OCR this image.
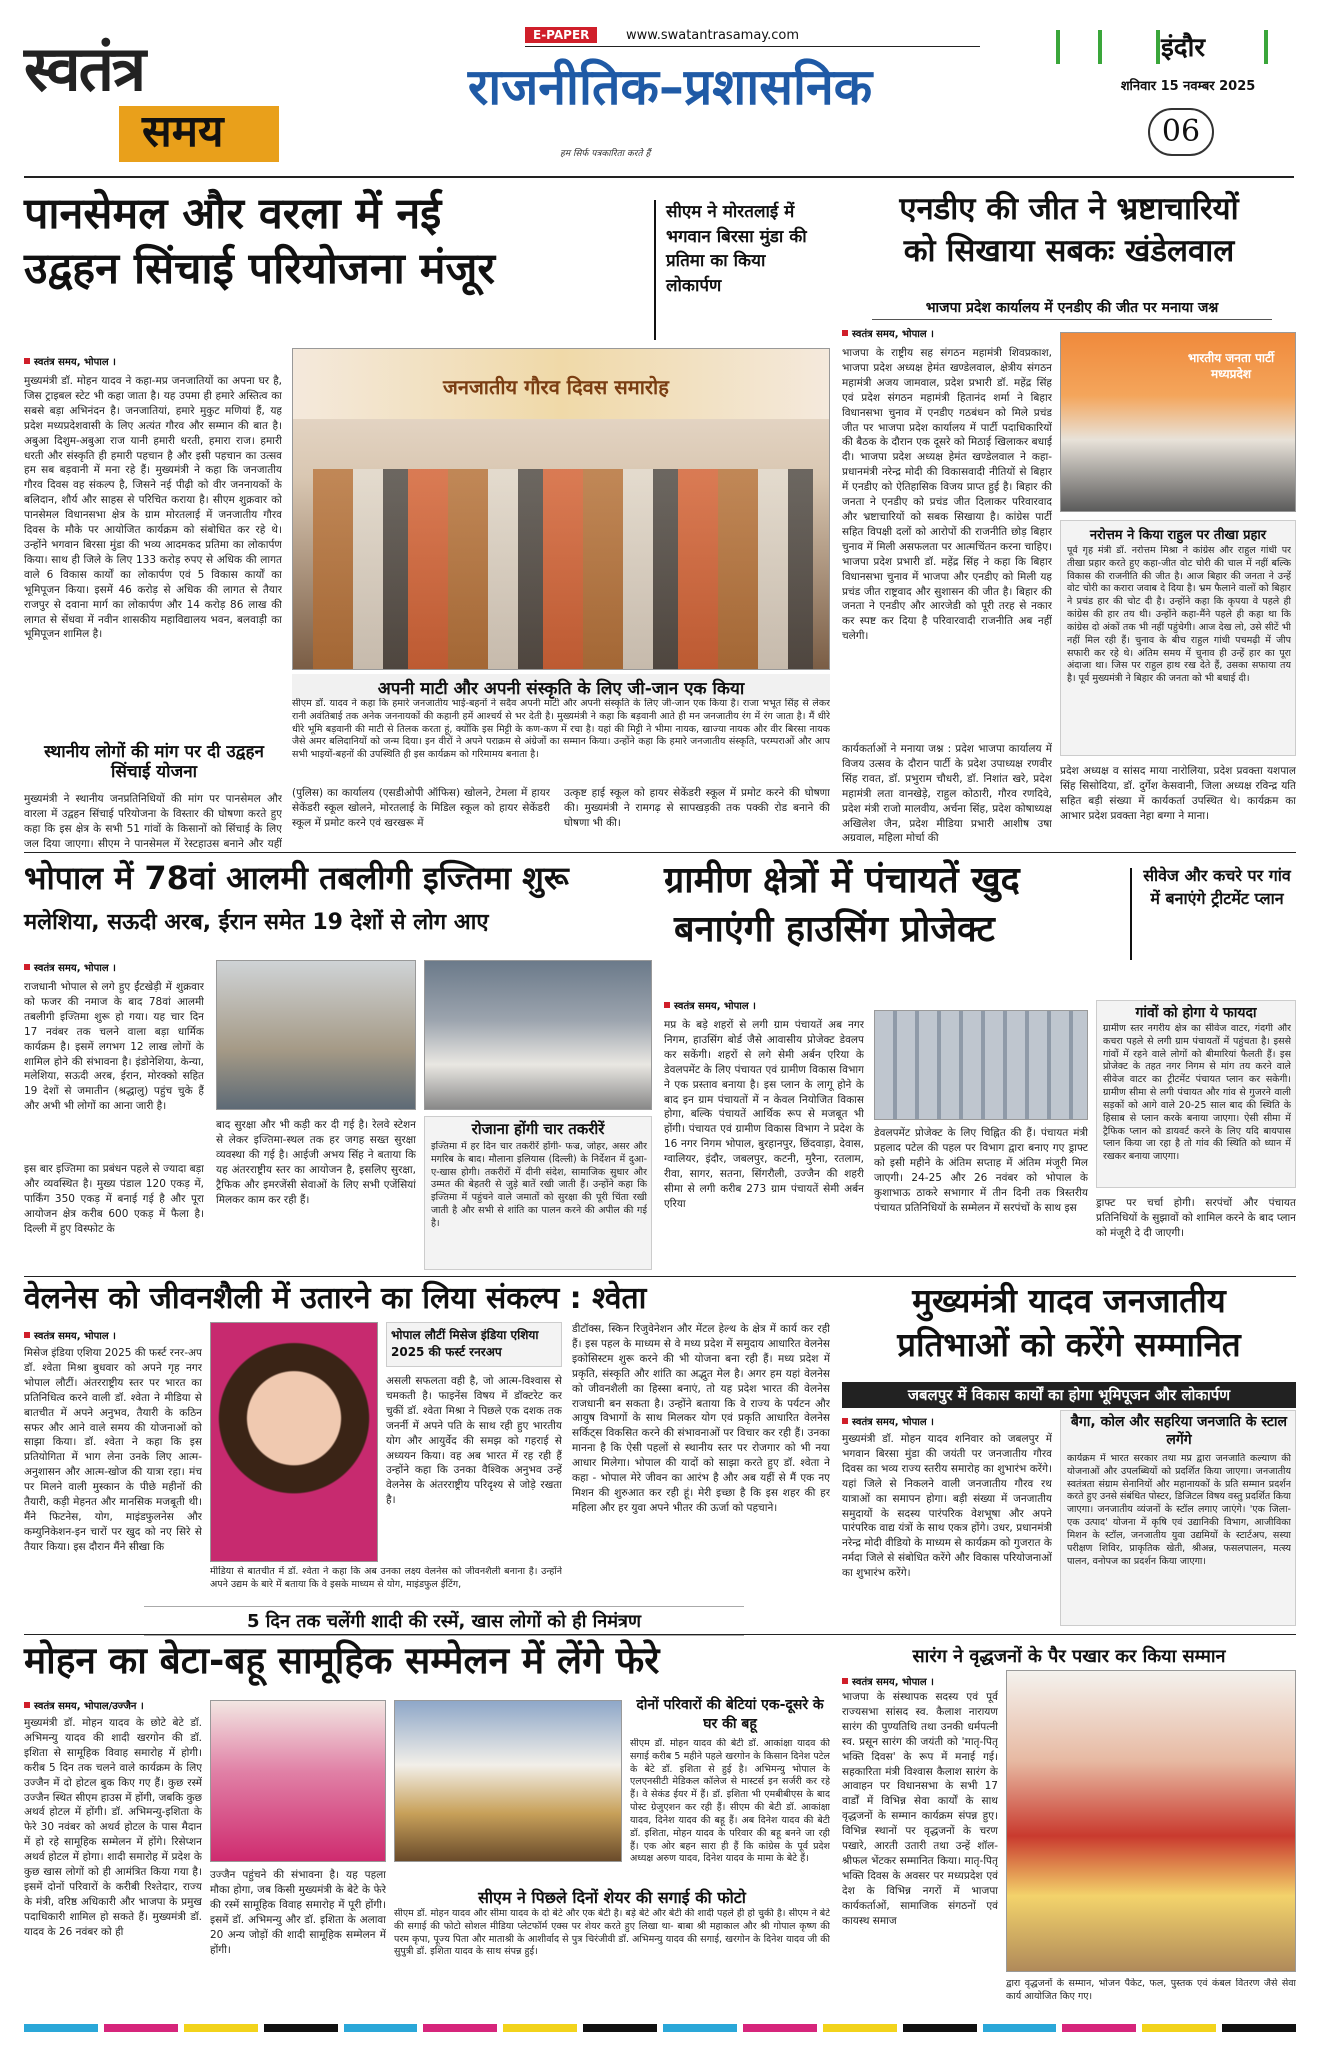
स्वतंत्र
समय
E-PAPER	www.swatantrasamay.com
राजनीतिक–प्रशासनिक
हम सिर्फ पत्रकारिता करते हैं
इंदौर
शनिवार 15 नवम्बर 2025
06
पानसेमल और वरला में नई
उद्वहन सिंचाई परियोजना मंजूर
सीएम ने मोरतलाई में भगवान बिरसा मुंडा की प्रतिमा का किया लोकार्पण
स्वतंत्र समय, भोपाल ।
मुख्यमंत्री डॉ. मोहन यादव ने कहा-मप्र जनजातियों का अपना घर है, जिस ट्राइबल स्टेट भी कहा जाता है। यह उपमा ही हमारे अस्तित्व का सबसे बड़ा अभिनंदन है। जनजातियां, हमारे मुकुट मणियां हैं, यह प्रदेश मध्यप्रदेशवासी के लिए अत्यंत गौरव और सम्मान की बात है। अबुआ दिशुम-अबुआ राज यानी हमारी धरती, हमारा राज। हमारी धरती और संस्कृति ही हमारी पहचान है और इसी पहचान का उत्सव हम सब बड़वानी में मना रहे हैं। मुख्यमंत्री ने कहा कि जनजातीय गौरव दिवस वह संकल्प है, जिसने नई पीढ़ी को वीर जननायकों के बलिदान, शौर्य और साहस से परिचित कराया है। सीएम शुक्रवार को पानसेमल विधानसभा क्षेत्र के ग्राम मोरतलाई में जनजातीय गौरव दिवस के मौके पर आयोजित कार्यक्रम को संबोधित कर रहे थे। उन्होंने भगवान बिरसा मुंडा की भव्य आदमकद प्रतिमा का लोकार्पण किया। साथ ही जिले के लिए 133 करोड़ रुपए से अधिक की लागत वाले 6 विकास कार्यों का लोकार्पण एवं 5 विकास कार्यों का भूमिपूजन किया। इसमें 46 करोड़ से अधिक की लागत से तैयार राजपुर से दवाना मार्ग का लोकार्पण और 14 करोड़ 86 लाख की लागत से सेंधवा में नवीन शासकीय महाविद्यालय भवन, बलवाड़ी का भूमिपूजन शामिल है।
स्थानीय लोगों की मांग पर दी उद्वहन सिंचाई योजना
मुख्यमंत्री ने स्थानीय जनप्रतिनिधियों की मांग पर पानसेमल और वारला में उद्वहन सिंचाई परियोजना के विस्तार की घोषणा करते हुए कहा कि इस क्षेत्र के सभी 51 गांवों के किसानों को सिंचाई के लिए जल दिया जाएगा। सीएम ने पानसेमल में रेस्टहाउस बनाने और यहीं
जनजातीय गौरव दिवस समारोह
अपनी माटी और अपनी संस्कृति के लिए जी-जान एक किया
सीएम डॉ. यादव ने कहा कि हमारे जनजातीय भाई-बहनों ने सदैव अपनी माटी और अपनी संस्कृति के लिए जी-जान एक किया है। राजा भभूत सिंह से लेकर रानी अवंतिबाई तक अनेक जननायकों की कहानी हमें आश्चर्य से भर देती है। मुख्यमंत्री ने कहा कि बड़वानी आते ही मन जनजातीय रंग में रंग जाता है। मैं धीरे धीरे भूमि बड़वानी की माटी से तिलक करता हूं, क्योंकि इस मिट्टी के कण-कण में रचा है। यहां की मिट्टी ने भीमा नायक, खाज्या नायक और वीर बिरसा नायक जैसे अमर बलिदानियों को जन्म दिया। इन वीरों ने अपने पराक्रम से अंग्रेजों का सम्मान किया। उन्होंने कहा कि हमारे जनजातीय संस्कृति, परम्पराओं और आप सभी भाइयों-बहनों की उपस्थिति ही इस कार्यक्रम को गरिमामय बनाता है।
(पुलिस) का कार्यालय (एसडीओपी ऑफिस) खोलने, टेमला में हायर सेकेंडरी स्कूल खोलने, मोरतलाई के मिडिल स्कूल को हायर सेकेंडरी स्कूल में प्रमोट करने एवं खरखरू में
उत्कृष्ट हाई स्कूल को हायर सेकेंडरी स्कूल में प्रमोट करने की घोषणा की। मुख्यमंत्री ने रामगढ़ से सापखड़की तक पक्की रोड बनाने की घोषणा भी की।
एनडीए की जीत ने भ्रष्टाचारियों
को सिखाया सबकः खंडेलवाल
भाजपा प्रदेश कार्यालय में एनडीए की जीत पर मनाया जश्न
स्वतंत्र समय, भोपाल ।
भाजपा के राष्ट्रीय सह संगठन महामंत्री शिवप्रकाश, भाजपा प्रदेश अध्यक्ष हेमंत खण्डेलवाल, क्षेत्रीय संगठन महामंत्री अजय जामवाल, प्रदेश प्रभारी डॉ. महेंद्र सिंह एवं प्रदेश संगठन महामंत्री हितानंद शर्मा ने बिहार विधानसभा चुनाव में एनडीए गठबंधन को मिले प्रचंड जीत पर भाजपा प्रदेश कार्यालय में पार्टी पदाधिकारियों की बैठक के दौरान एक दूसरे को मिठाई खिलाकर बधाई दी। भाजपा प्रदेश अध्यक्ष हेमंत खण्डेलवाल ने कहा-प्रधानमंत्री नरेन्द्र मोदी की विकासवादी नीतियों से बिहार में एनडीए को ऐतिहासिक विजय प्राप्त हुई है। बिहार की जनता ने एनडीए को प्रचंड जीत दिलाकर परिवारवाद और भ्रष्टाचारियों को सबक सिखाया है। कांग्रेस पार्टी सहित विपक्षी दलों को आरोपों की राजनीति छोड़ बिहार चुनाव में मिली असफलता पर आत्मचिंतन करना चाहिए। भाजपा प्रदेश प्रभारी डॉ. महेंद्र सिंह ने कहा कि बिहार विधानसभा चुनाव में भाजपा और एनडीए को मिली यह प्रचंड जीत राष्ट्रवाद और सुशासन की जीत है। बिहार की जनता ने एनडीए और आरजेडी को पूरी तरह से नकार कर स्पष्ट कर दिया है परिवारवादी राजनीति अब नहीं चलेगी।
कार्यकर्ताओं ने मनाया जश्न : प्रदेश भाजपा कार्यालय में विजय उत्सव के दौरान पार्टी के प्रदेश उपाध्यक्ष रणवीर सिंह रावत, डॉ. प्रभुराम चौधरी, डॉ. निशांत खरे, प्रदेश महामंत्री लता वानखेड़े, राहुल कोठारी, गौरव रणदिवे, प्रदेश मंत्री राजो मालवीय, अर्चना सिंह, प्रदेश कोषाध्यक्ष अखिलेश जैन, प्रदेश मीडिया प्रभारी आशीष उषा अग्रवाल, महिला मोर्चा की
भारतीय जनता पार्टी मध्यप्रदेश
नरोत्तम ने किया राहुल पर तीखा प्रहार
पूर्व गृह मंत्री डॉ. नरोत्तम मिश्रा ने कांग्रेस और राहुल गांधी पर तीखा प्रहार करते हुए कहा-जीत वोट चोरी की चाल में नहीं बल्कि विकास की राजनीति की जीत है। आज बिहार की जनता ने उन्हें वोट चोरी का करारा जवाब दे दिया है। भ्रम फैलाने वालों को बिहार ने प्रचंड हार की चोट दी है। उन्होंने कहा कि कृपया वे पहले ही कांग्रेस की हार तय थी। उन्होंने कहा-मैंने पहले ही कहा था कि कांग्रेस दो अंकों तक भी नहीं पहुंचेगी। आज देख लो, उसे सीटें भी नहीं मिल रही हैं। चुनाव के बीच राहुल गांधी पचमढ़ी में जीप सफारी कर रहे थे। अंतिम समय में चुनाव ही उन्हें हार का पूरा अंदाजा था। जिस पर राहुल हाथ रख देते हैं, उसका सफाया तय है। पूर्व मुख्यमंत्री ने बिहार की जनता को भी बधाई दी।
प्रदेश अध्यक्ष व सांसद माया नारोलिया, प्रदेश प्रवक्ता यशपाल सिंह सिसोदिया, डॉ. दुर्गेश केसवानी, जिला अध्यक्ष रविन्द्र यति सहित बड़ी संख्या में कार्यकर्ता उपस्थित थे। कार्यक्रम का आभार प्रदेश प्रवक्ता नेहा बग्गा ने माना।
भोपाल में 78वां आलमी तबलीगी इज्तिमा शुरू
मलेशिया, सऊदी अरब, ईरान समेत 19 देशों से लोग आए
स्वतंत्र समय, भोपाल ।
राजधानी भोपाल से लगे हुए ईंटखेड़ी में शुक्रवार को फजर की नमाज के बाद 78वां आलमी तबलीगी इज्तिमा शुरू हो गया। यह चार दिन 17 नवंबर तक चलने वाला बड़ा धार्मिक कार्यक्रम है। इसमें लगभग 12 लाख लोगों के शामिल होने की संभावना है। इंडोनेशिया, केन्या, मलेशिया, सऊदी अरब, ईरान, मोरक्को सहित 19 देशों से जमातीन (श्रद्धालु) पहुंच चुके हैं और अभी भी लोगों का आना जारी है।
इस बार इज्तिमा का प्रबंधन पहले से ज्यादा बड़ा और व्यवस्थित है। मुख्य पंडाल 120 एकड़ में, पार्किंग 350 एकड़ में बनाई गई है और पूरा आयोजन क्षेत्र करीब 600 एकड़ में फैला है। दिल्ली में हुए विस्फोट के
बाद सुरक्षा और भी कड़ी कर दी गई है। रेलवे स्टेशन से लेकर इज्तिमा-स्थल तक हर जगह सख्त सुरक्षा व्यवस्था की गई है। आईजी अभय सिंह ने बताया कि यह अंतरराष्ट्रीय स्तर का आयोजन है, इसलिए सुरक्षा, ट्रैफिक और इमरजेंसी सेवाओं के लिए सभी एजेंसियां मिलकर काम कर रही हैं।
रोजाना होंगी चार तकरीरें
इज्तिमा में हर दिन चार तकरीरें होंगी- फज्र, जोहर, असर और मगरिब के बाद। मौलाना इलियास (दिल्ली) के निर्देशन में दुआ-ए-खास होगी। तकरीरों में दीनी संदेश, सामाजिक सुधार और उम्मत की बेहतरी से जुड़े बातें रखी जाती हैं। उन्होंने कहा कि इज्तिमा में पहुंचने वाले जमातों को सुरक्षा की पूरी चिंता रखी जाती है और सभी से शांति का पालन करने की अपील की गई है।
ग्रामीण क्षेत्रों में पंचायतें खुद
बनाएंगी हाउसिंग प्रोजेक्ट
सीवेज और कचरे पर गांव में बनाएंगे ट्रीटमेंट प्लान
स्वतंत्र समय, भोपाल ।
मप्र के बड़े शहरों से लगी ग्राम पंचायतें अब नगर निगम, हाउसिंग बोर्ड जैसे आवासीय प्रोजेक्ट डेवलप कर सकेंगी। शहरों से लगे सेमी अर्बन एरिया के डेवलपमेंट के लिए पंचायत एवं ग्रामीण विकास विभाग ने एक प्रस्ताव बनाया है। इस प्लान के लागू होने के बाद इन ग्राम पंचायतों में न केवल नियोजित विकास होगा, बल्कि पंचायतें आर्थिक रूप से मजबूत भी होंगी। पंचायत एवं ग्रामीण विकास विभाग ने प्रदेश के 16 नगर निगम भोपाल, बुरहानपुर, छिंदवाड़ा, देवास, ग्वालियर, इंदौर, जबलपुर, कटनी, मुरैना, रतलाम, रीवा, सागर, सतना, सिंगरौली, उज्जैन की शहरी सीमा से लगी करीब 273 ग्राम पंचायतें सेमी अर्बन एरिया
डेवलपमेंट प्रोजेक्ट के लिए चिह्नित की हैं। पंचायत मंत्री प्रहलाद पटेल की पहल पर विभाग द्वारा बनाए गए ड्राफ्ट को इसी महीने के अंतिम सप्ताह में अंतिम मंजूरी मिल जाएगी। 24-25 और 26 नवंबर को भोपाल के कुशाभाऊ ठाकरे सभागार में तीन दिनी तक त्रिस्तरीय पंचायत प्रतिनिधियों के सम्मेलन में सरपंचों के साथ इस
गांवों को होगा ये फायदा
ग्रामीण स्तर नगरीय क्षेत्र का सीवेज वाटर, गंदगी और कचरा पहले से लगी ग्राम पंचायतों में पहुंचता है। इससे गांवों में रहने वाले लोगों को बीमारियां फैलती हैं। इस प्रोजेक्ट के तहत नगर निगम से मांग तय करने वाले सीवेज वाटर का ट्रीटमेंट पंचायत प्लान कर सकेगी। ग्रामीण सीमा से लगी पंचायत और गांव से गुजरने वाली सड़कों को आगे वाले 20-25 साल बाद की स्थिति के हिसाब से प्लान करके बनाया जाएगा। ऐसी सीमा में ट्रैफिक प्लान को डायवर्ट करने के लिए यदि बायपास प्लान किया जा रहा है तो गांव की स्थिति को ध्यान में रखकर बनाया जाएगा।
ड्राफ्ट पर चर्चा होगी। सरपंचों और पंचायत प्रतिनिधियों के सुझावों को शामिल करने के बाद प्लान को मंजूरी दे दी जाएगी।
वेलनेस को जीवनशैली में उतारने का लिया संकल्प : श्वेता
स्वतंत्र समय, भोपाल ।
मिसेज इंडिया एशिया 2025 की फर्स्ट रनर-अप डॉ. श्वेता मिश्रा बुधवार को अपने गृह नगर भोपाल लौटीं। अंतरराष्ट्रीय स्तर पर भारत का प्रतिनिधित्व करने वाली डॉ. श्वेता ने मीडिया से बातचीत में अपने अनुभव, तैयारी के कठिन सफर और आने वाले समय की योजनाओं को साझा किया। डॉ. श्वेता ने कहा कि इस प्रतियोगिता में भाग लेना उनके लिए आत्म-अनुशासन और आत्म-खोज की यात्रा रहा। मंच पर मिलने वाली मुस्कान के पीछे महीनों की तैयारी, कड़ी मेहनत और मानसिक मजबूती थी। मैंने फिटनेस, योग, माइंडफुलनेस और कम्युनिकेशन-इन चारों पर खुद को नए सिरे से तैयार किया। इस दौरान मैंने सीखा कि
भोपाल लौटीं मिसेज इंडिया एशिया 2025 की फर्स्ट रनरअप
असली सफलता वही है, जो आत्म-विश्वास से चमकती है। फाइनेंस विषय में डॉक्टरेट कर चुकीं डॉ. श्वेता मिश्रा ने पिछले एक दशक तक जनर्नी में अपने पति के साथ रही हुए भारतीय योग और आयुर्वेद की समझ को गहराई से अध्ययन किया। वह अब भारत में रह रही हैं उन्होंने कहा कि उनका वैश्विक अनुभव उन्हें वेलनेस के अंतरराष्ट्रीय परिदृश्य से जोड़े रखता है।
मीडिया से बातचीत में डॉ. श्वेता ने कहा कि अब उनका लक्ष्य वेलनेस को जीवनशैली बनाना है। उन्होंने अपने उद्यम के बारे में बताया कि वे इसके माध्यम से योग, माइंडफुल ईटिंग,
डीटॉक्स, स्किन रिजुवेनेशन और मेंटल हेल्थ के क्षेत्र में कार्य कर रही हैं। इस पहल के माध्यम से वे मध्य प्रदेश में समुदाय आधारित वेलनेस इकोसिस्टम शुरू करने की भी योजना बना रही हैं। मध्य प्रदेश में प्रकृति, संस्कृति और शांति का अद्भुत मेल है। अगर हम यहां वेलनेस को जीवनशैली का हिस्सा बनाएं, तो यह प्रदेश भारत की वेलनेस राजधानी बन सकता है। उन्होंने बताया कि वे राज्य के पर्यटन और आयुष विभागों के साथ मिलकर योग एवं प्रकृति आधारित वेलनेस सर्किट्स विकसित करने की संभावनाओं पर विचार कर रही हैं। उनका मानना है कि ऐसी पहलों से स्थानीय स्तर पर रोजगार को भी नया आधार मिलेगा। भोपाल की यादों को साझा करते हुए डॉ. श्वेता ने कहा - भोपाल मेरे जीवन का आरंभ है और अब यहीं से मैं एक नए मिशन की शुरुआत कर रही हूं। मेरी इच्छा है कि इस शहर की हर महिला और हर युवा अपने भीतर की ऊर्जा को पहचाने।
5 दिन तक चलेंगी शादी की रस्में, खास लोगों को ही निमंत्रण
मुख्यमंत्री यादव जनजातीय
प्रतिभाओं को करेंगे सम्मानित
जबलपुर में विकास कार्यों का होगा भूमिपूजन और लोकार्पण
स्वतंत्र समय, भोपाल ।
मुख्यमंत्री डॉ. मोहन यादव शनिवार को जबलपुर में भगवान बिरसा मुंडा की जयंती पर जनजातीय गौरव दिवस का भव्य राज्य स्तरीय समारोह का शुभारंभ करेंगे। यहां जिले से निकलने वाली जनजातीय गौरव रथ यात्राओं का समापन होगा। बड़ी संख्या में जनजातीय समुदायों के सदस्य पारंपरिक वेशभूषा और अपने पारंपरिक वाद्य यंत्रों के साथ एकत्र होंगे। उधर, प्रधानमंत्री नरेन्द्र मोदी वीडियो के माध्यम से कार्यक्रम को गुजरात के नर्मदा जिले से संबोधित करेंगे और विकास परियोजनाओं का शुभारंभ करेंगे।
बैगा, कोल और सहरिया जनजाति के स्टाल लगेंगे
कार्यक्रम में भारत सरकार तथा मप्र द्वारा जनजाति कल्याण की योजनाओं और उपलब्धियों को प्रदर्शित किया जाएगा। जनजातीय स्वतंत्रता संग्राम सेनानियों और महानायकों के प्रति सम्मान प्रदर्शन करते हुए उनसे संबंधित पोस्टर, डिजिटल विषय वस्तु प्रदर्शित किया जाएगा। जनजातीय व्यंजनों के स्टॉल लगाए जाएंगे। 'एक जिला-एक उत्पाद' योजना में कृषि एवं उद्यानिकी विभाग, आजीविका मिशन के स्टॉल, जनजातीय युवा उद्यमियों के स्टार्टअप, सस्या परीक्षण शिविर, प्राकृतिक खेती, श्रीअन्न, फसलपालन, मत्स्य पालन, वनोपज का प्रदर्शन किया जाएगा।
मोहन का बेटा-बहू सामूहिक सम्मेलन में लेंगे फेरे
स्वतंत्र समय, भोपाल/उज्जैन ।
मुख्यमंत्री डॉ. मोहन यादव के छोटे बेटे डॉ. अभिमन्यु यादव की शादी खरगोन की डॉ. इशिता से सामूहिक विवाह समारोह में होगी। करीब 5 दिन तक चलने वाले कार्यक्रम के लिए उज्जैन में दो होटल बुक किए गए हैं। कुछ रस्में उज्जैन स्थित सीएम हाउस में होंगी, जबकि कुछ अथर्व होटल में होंगी। डॉ. अभिमन्यु-इशिता के फेरे 30 नवंबर को अथर्व होटल के पास मैदान में हो रहे सामूहिक सम्मेलन में होंगे। रिसेप्शन अथर्व होटल में होगा। शादी समारोह में प्रदेश के कुछ खास लोगों को ही आमंत्रित किया गया है। इसमें दोनों परिवारों के करीबी रिश्तेदार, राज्य के मंत्री, वरिष्ठ अधिकारी और भाजपा के प्रमुख पदाधिकारी शामिल हो सकते हैं। मुख्यमंत्री डॉ. यादव के 26 नवंबर को ही
दोनों परिवारों की बेटियां एक-दूसरे के घर की बहू
सीएम डॉ. मोहन यादव की बेटी डॉ. आकांक्षा यादव की सगाई करीब 5 महीने पहले खरगोन के किसान दिनेश पटेल के बेटे डॉ. इशिता से हुई है। अभिमन्यु भोपाल के एलएनसीटी मेडिकल कॉलेज से मास्टर्स इन सर्जरी कर रहे हैं। वे सेकंड ईयर में हैं। डॉ. इशिता भी एमबीबीएस के बाद पोस्ट ग्रेजुएशन कर रही हैं। सीएम की बेटी डॉ. आकांक्षा यादव, दिनेश यादव की बहू हैं। अब दिनेश यादव की बेटी डॉ. इशिता, मोहन यादव के परिवार की बहू बनने जा रही हैं। एक ओर बहन सारा ही हैं कि कांग्रेस के पूर्व प्रदेश अध्यक्ष अरुण यादव, दिनेश यादव के मामा के बेटे हैं।
उज्जैन पहुंचने की संभावना है। यह पहला मौका होगा, जब किसी मुख्यमंत्री के बेटे के फेरे की रस्में सामूहिक विवाह समारोह में पूरी होंगी। इसमें डॉ. अभिमन्यु और डॉ. इशिता के अलावा 20 अन्य जोड़ों की शादी सामूहिक सम्मेलन में होंगी।
सीएम ने पिछले दिनों शेयर की सगाई की फोटो
सीएम डॉ. मोहन यादव और सीमा यादव के दो बेटे और एक बेटी है। बड़े बेटे और बेटी की शादी पहले ही हो चुकी है। सीएम ने बेटे की सगाई की फोटो सोशल मीडिया प्लेटफॉर्म एक्स पर शेयर करते हुए लिखा था- बाबा श्री महाकाल और श्री गोपाल कृष्ण की परम कृपा, पूज्य पिता और माताश्री के आशीर्वाद से पुत्र चिरंजीवी डॉ. अभिमन्यु यादव की सगाई, खरगोन के दिनेश यादव जी की सुपुत्री डॉ. इशिता यादव के साथ संपन्न हुई।
सारंग ने वृद्धजनों के पैर पखार कर किया सम्मान
स्वतंत्र समय, भोपाल ।
भाजपा के संस्थापक सदस्य एवं पूर्व राज्यसभा सांसद स्व. कैलाश नारायण सारंग की पुण्यतिथि तथा उनकी धर्मपत्नी स्व. प्रसून सारंग की जयंती को 'मातृ-पितृ भक्ति दिवस' के रूप में मनाई गई। सहकारिता मंत्री विश्वास कैलाश सारंग के आवाहन पर विधानसभा के सभी 17 वार्डों में विभिन्न सेवा कार्यों के साथ वृद्धजनों के सम्मान कार्यक्रम संपन्न हुए। विभिन्न स्थानों पर वृद्धजनों के चरण पखारे, आरती उतारी तथा उन्हें शॉल-श्रीफल भेंटकर सम्मानित किया। मातृ-पितृ भक्ति दिवस के अवसर पर मध्यप्रदेश एवं देश के विभिन्न नगरों में भाजपा कार्यकर्ताओं, सामाजिक संगठनों एवं कायस्थ समाज
द्वारा वृद्धजनों के सम्मान, भोजन पैकेट, फल, पुस्तक एवं कंबल वितरण जैसे सेवा कार्य आयोजित किए गए।
